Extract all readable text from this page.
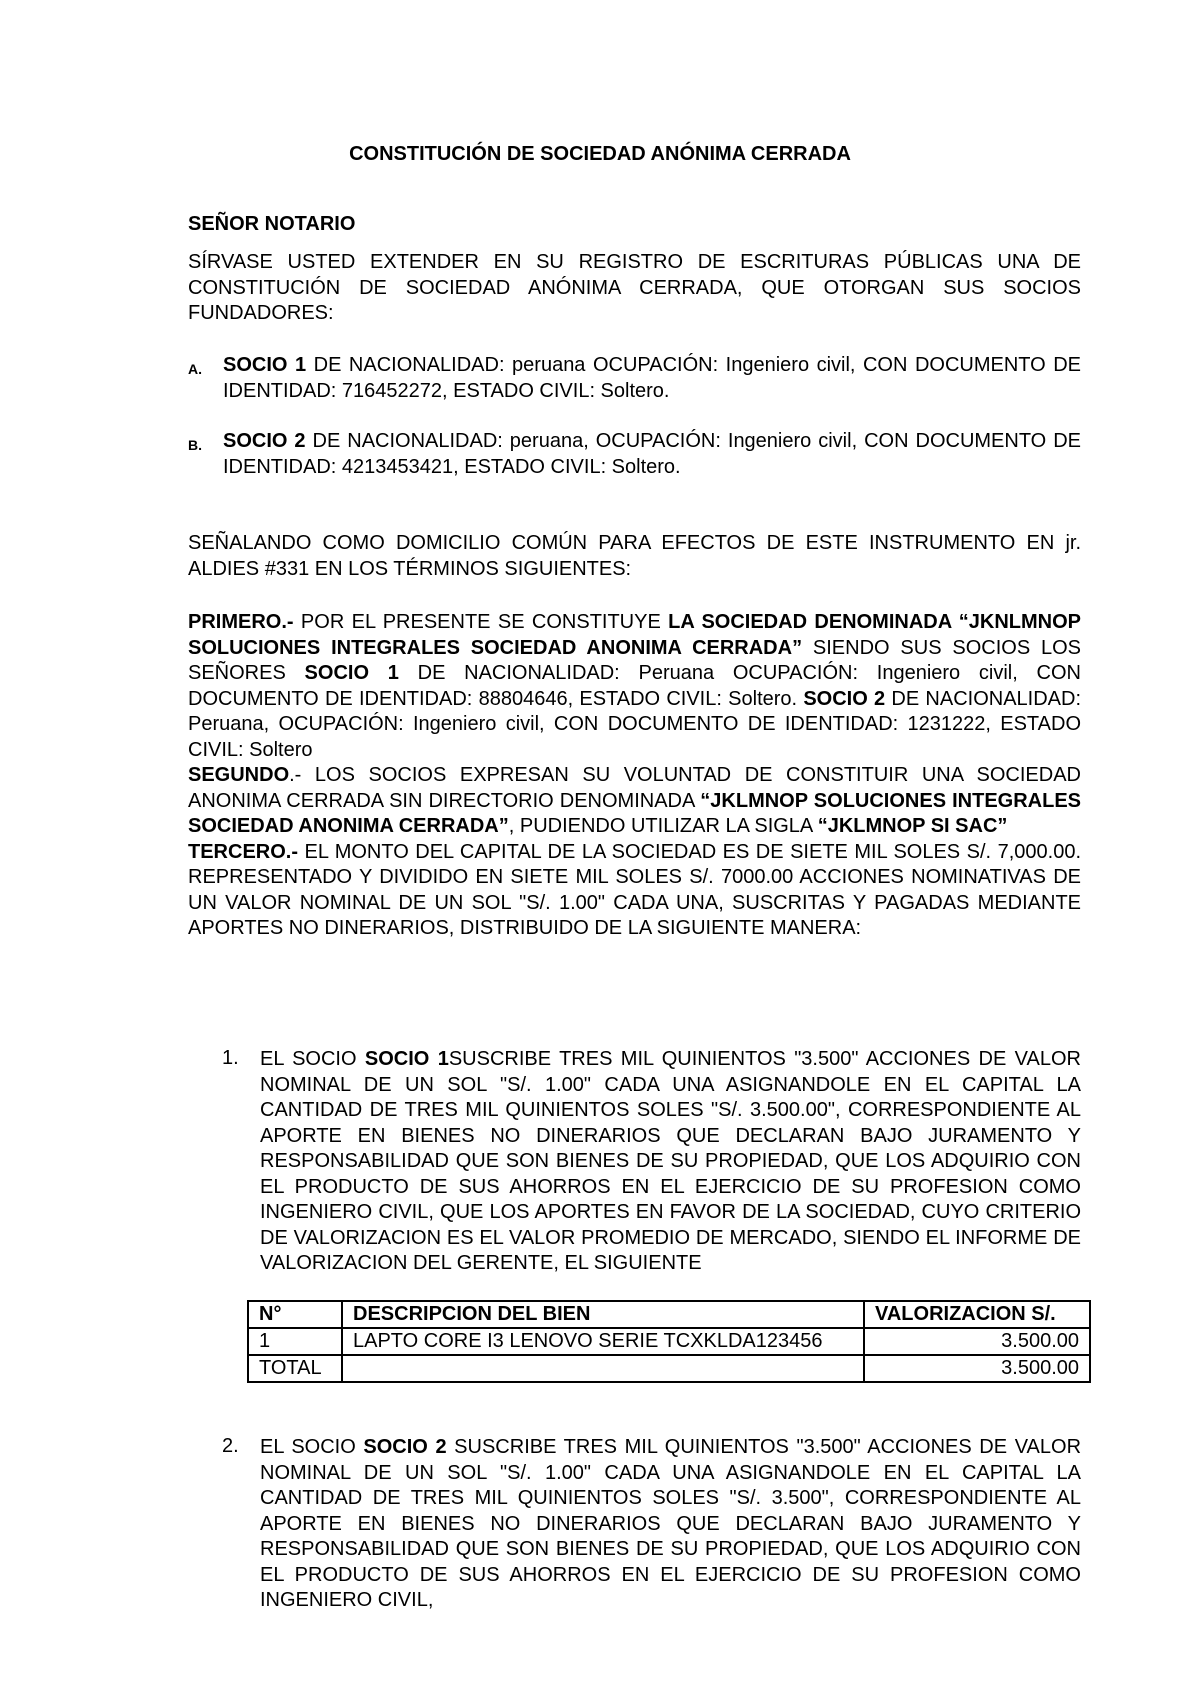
CONSTITUCIÓN DE SOCIEDAD ANÓNIMA CERRADA
SEÑOR NOTARIO
SÍRVASE USTED EXTENDER EN SU REGISTRO DE ESCRITURAS PÚBLICAS UNA DE CONSTITUCIÓN DE SOCIEDAD ANÓNIMA CERRADA, QUE OTORGAN SUS SOCIOS FUNDADORES:
A. SOCIO 1 DE NACIONALIDAD: peruana OCUPACIÓN: Ingeniero civil, CON DOCUMENTO DE IDENTIDAD: 716452272, ESTADO CIVIL: Soltero.
B. SOCIO 2 DE NACIONALIDAD: peruana, OCUPACIÓN: Ingeniero civil, CON DOCUMENTO DE IDENTIDAD: 4213453421, ESTADO CIVIL: Soltero.
SEÑALANDO COMO DOMICILIO COMÚN PARA EFECTOS DE ESTE INSTRUMENTO EN jr. ALDIES #331 EN LOS TÉRMINOS SIGUIENTES:
PRIMERO.- POR EL PRESENTE SE CONSTITUYE LA SOCIEDAD DENOMINADA “JKNLMNOP SOLUCIONES INTEGRALES SOCIEDAD ANONIMA CERRADA” SIENDO SUS SOCIOS LOS SEÑORES SOCIO 1 DE NACIONALIDAD: Peruana OCUPACIÓN: Ingeniero civil, CON DOCUMENTO DE IDENTIDAD: 88804646, ESTADO CIVIL: Soltero. SOCIO 2 DE NACIONALIDAD: Peruana, OCUPACIÓN: Ingeniero civil, CON DOCUMENTO DE IDENTIDAD: 1231222, ESTADO CIVIL: Soltero
SEGUNDO.- LOS SOCIOS EXPRESAN SU VOLUNTAD DE CONSTITUIR UNA SOCIEDAD ANONIMA CERRADA SIN DIRECTORIO DENOMINADA “JKLMNOP SOLUCIONES INTEGRALES SOCIEDAD ANONIMA CERRADA”, PUDIENDO UTILIZAR LA SIGLA “JKLMNOP SI SAC”
TERCERO.- EL MONTO DEL CAPITAL DE LA SOCIEDAD ES DE SIETE MIL SOLES S/. 7,000.00. REPRESENTADO Y DIVIDIDO EN SIETE MIL SOLES S/. 7000.00 ACCIONES NOMINATIVAS DE UN VALOR NOMINAL DE UN SOL "S/. 1.00" CADA UNA, SUSCRITAS Y PAGADAS MEDIANTE APORTES NO DINERARIOS, DISTRIBUIDO DE LA SIGUIENTE MANERA:
1. EL SOCIO SOCIO 1SUSCRIBE TRES MIL QUINIENTOS "3.500" ACCIONES DE VALOR NOMINAL DE UN SOL "S/. 1.00" CADA UNA ASIGNANDOLE EN EL CAPITAL LA CANTIDAD DE TRES MIL QUINIENTOS SOLES "S/. 3.500.00", CORRESPONDIENTE AL APORTE EN BIENES NO DINERARIOS QUE DECLARAN BAJO JURAMENTO Y RESPONSABILIDAD QUE SON BIENES DE SU PROPIEDAD, QUE LOS ADQUIRIO CON EL PRODUCTO DE SUS AHORROS EN EL EJERCICIO DE SU PROFESION COMO INGENIERO CIVIL, QUE LOS APORTES EN FAVOR DE LA SOCIEDAD, CUYO CRITERIO DE VALORIZACION ES EL VALOR PROMEDIO DE MERCADO, SIENDO EL INFORME DE VALORIZACION DEL GERENTE, EL SIGUIENTE
N°	DESCRIPCION DEL BIEN	VALORIZACION S/.
1	LAPTO CORE I3 LENOVO SERIE TCXKLDA123456	3.500.00
TOTAL		3.500.00
2. EL SOCIO SOCIO 2 SUSCRIBE TRES MIL QUINIENTOS "3.500" ACCIONES DE VALOR NOMINAL DE UN SOL "S/. 1.00" CADA UNA ASIGNANDOLE EN EL CAPITAL LA CANTIDAD DE TRES MIL QUINIENTOS SOLES "S/. 3.500", CORRESPONDIENTE AL APORTE EN BIENES NO DINERARIOS QUE DECLARAN BAJO JURAMENTO Y RESPONSABILIDAD QUE SON BIENES DE SU PROPIEDAD, QUE LOS ADQUIRIO CON EL PRODUCTO DE SUS AHORROS EN EL EJERCICIO DE SU PROFESION COMO INGENIERO CIVIL,
